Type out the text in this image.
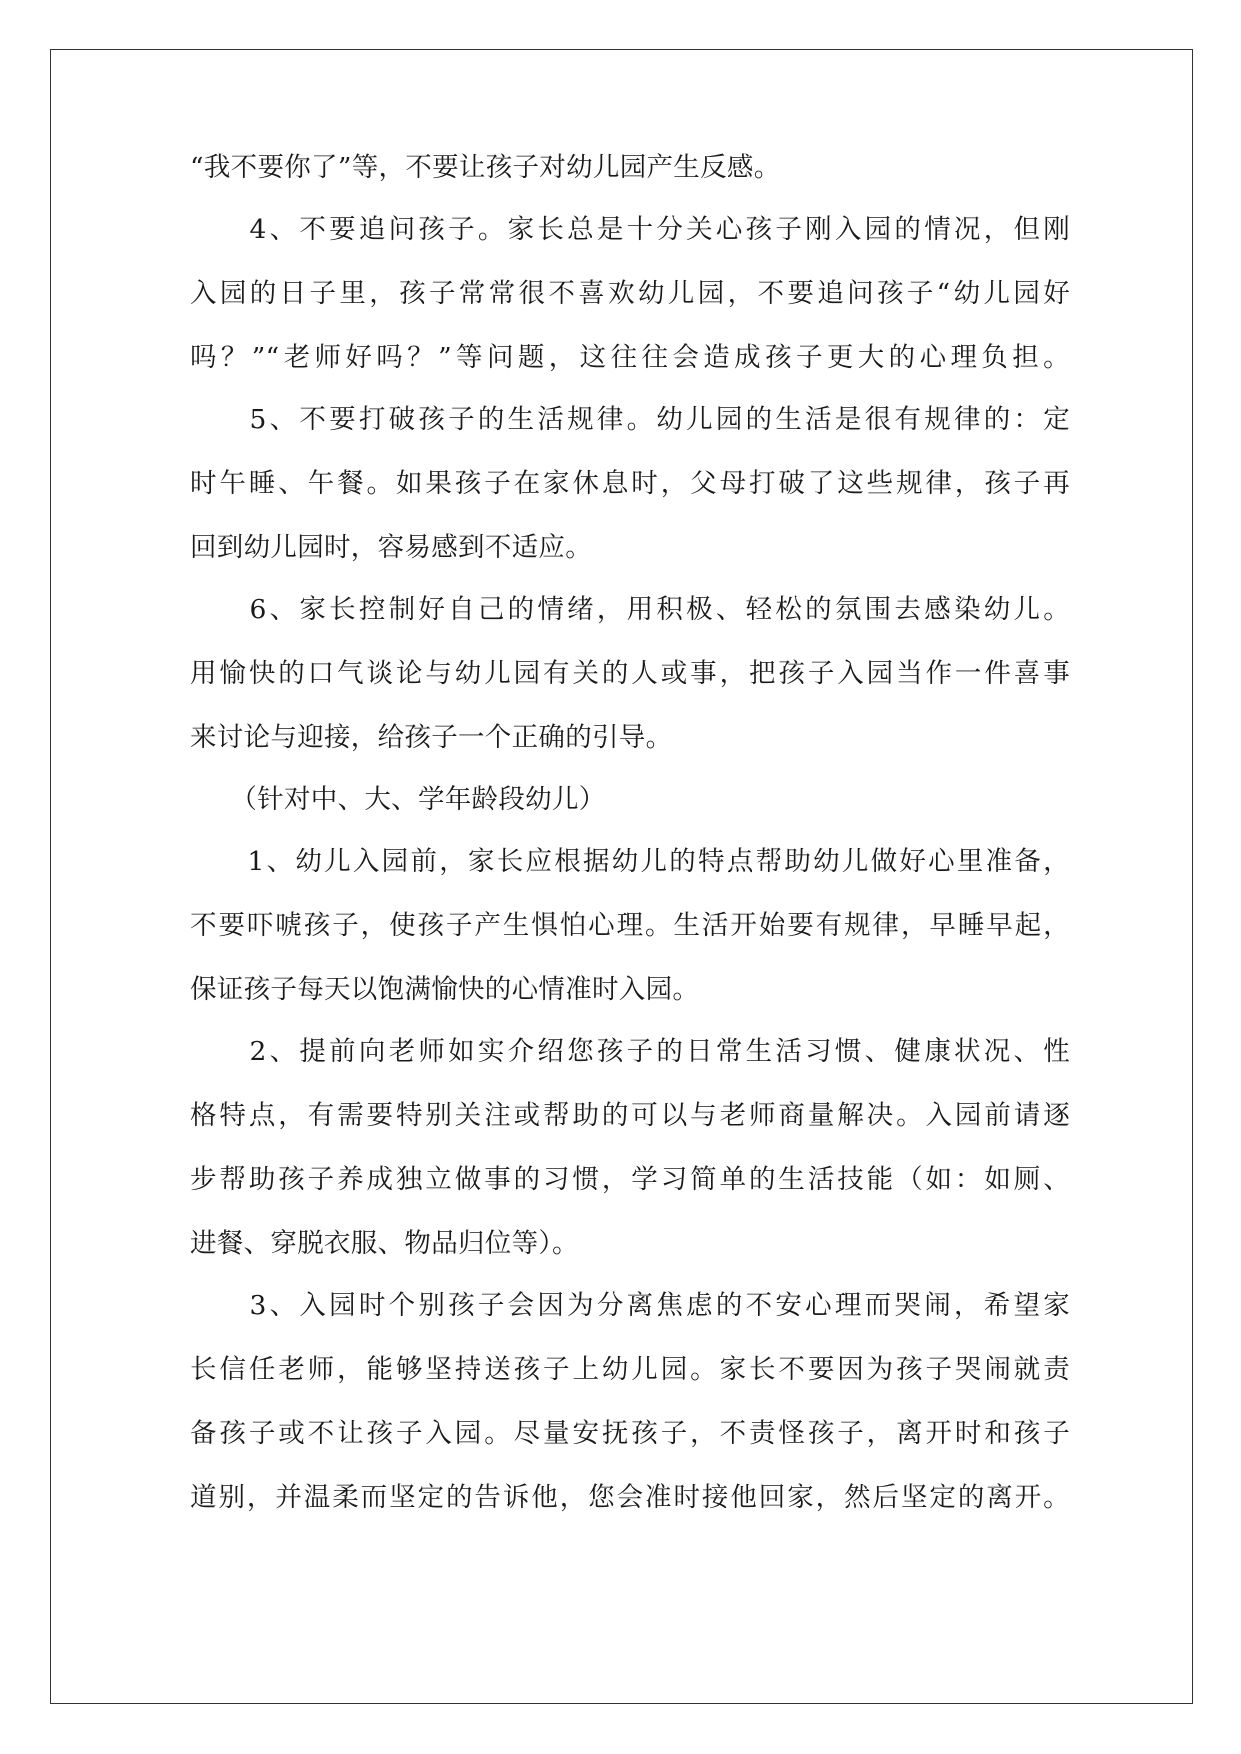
“我不要你了”等，不要让孩子对幼儿园产生反感。
　　4、不要追问孩子。家长总是十分关心孩子刚入园的情况，但刚
入园的日子里，孩子常常很不喜欢幼儿园，不要追问孩子“幼儿园好
吗？”“老师好吗？”等问题，这往往会造成孩子更大的心理负担。
　　5、不要打破孩子的生活规律。幼儿园的生活是很有规律的：定
时午睡、午餐。如果孩子在家休息时，父母打破了这些规律，孩子再
回到幼儿园时，容易感到不适应。
　　6、家长控制好自己的情绪，用积极、轻松的氛围去感染幼儿。
用愉快的口气谈论与幼儿园有关的人或事，把孩子入园当作一件喜事
来讨论与迎接，给孩子一个正确的引导。
　　（针对中、大、学年龄段幼儿）
　　1、幼儿入园前，家长应根据幼儿的特点帮助幼儿做好心里准备，
不要吓唬孩子，使孩子产生惧怕心理。生活开始要有规律，早睡早起，
保证孩子每天以饱满愉快的心情准时入园。
　　2、提前向老师如实介绍您孩子的日常生活习惯、健康状况、性
格特点，有需要特别关注或帮助的可以与老师商量解决。入园前请逐
步帮助孩子养成独立做事的习惯，学习简单的生活技能（如：如厕、
进餐、穿脱衣服、物品归位等）。
　　3、入园时个别孩子会因为分离焦虑的不安心理而哭闹，希望家
长信任老师，能够坚持送孩子上幼儿园。家长不要因为孩子哭闹就责
备孩子或不让孩子入园。尽量安抚孩子，不责怪孩子，离开时和孩子
道别，并温柔而坚定的告诉他，您会准时接他回家，然后坚定的离开。
